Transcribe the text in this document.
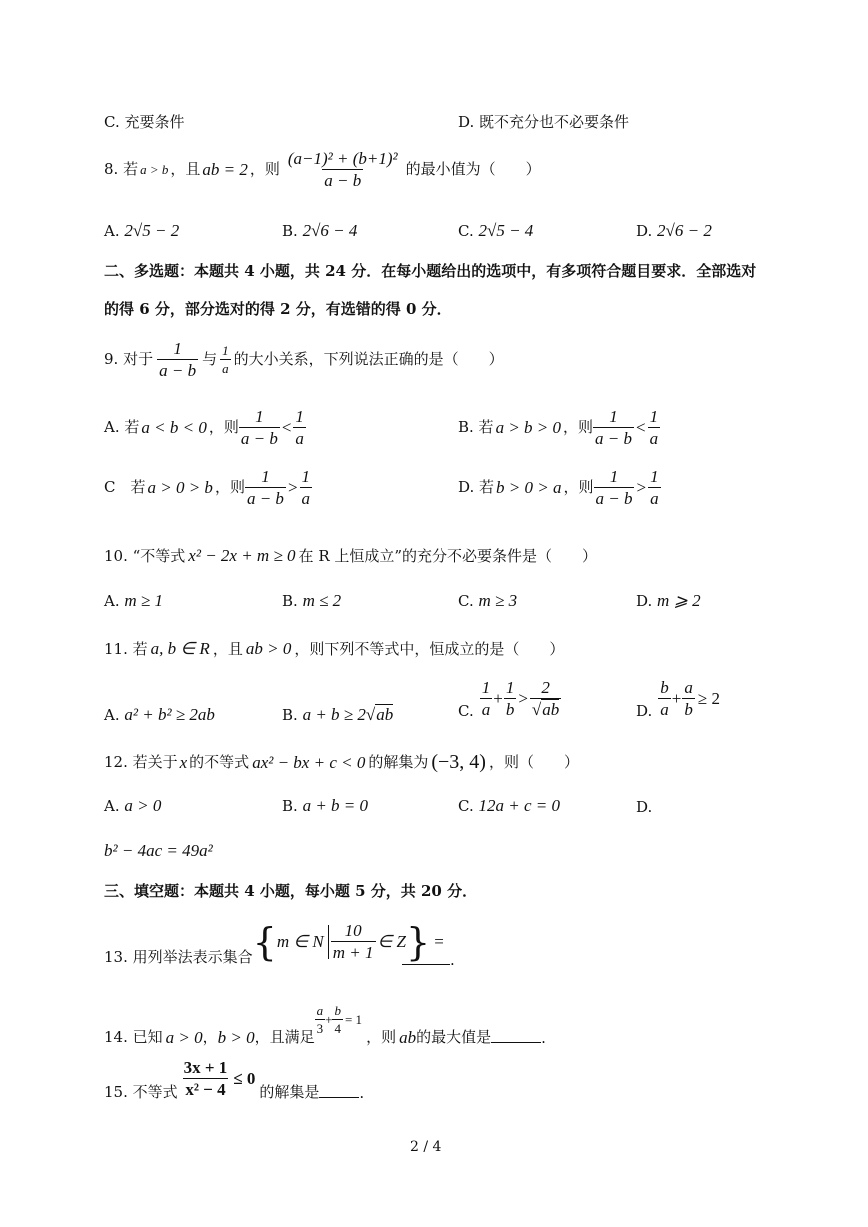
C. 充要条件	D. 既不充分也不必要条件
8. 若 a > b ，且 ab = 2 ，则 $\frac{\text{(a−1)² + (b+1)²}}{a - b}$ 的最小值为（　　）
A. 2√5 − 2	B. 2√6 − 4	C. 2√5 − 4	D. 2√6 − 2
二、多选题：本题共 4 小题，共 24 分．在每小题给出的选项中，有多项符合题目要求．全部选对
的得 6 分，部分选对的得 2 分，有选错的得 0 分．
9. 对于 $\frac{1}{a - b}$ 与 $\frac{1}{a}$ 的大小关系，下列说法正确的是（　　）
A. 若 a < b < 0 ，则 $\frac{1}{a - b} < \frac{1}{a}$	B. 若 a > b > 0 ，则 $\frac{1}{a - b} < \frac{1}{a}$
C　若 a > 0 > b ，则 $\frac{1}{a - b} > \frac{1}{a}$	D. 若 b > 0 > a ，则 $\frac{1}{a - b} > \frac{1}{a}$
10. “不等式 x² − 2x + m ≥ 0 在 R 上恒成立”的充分不必要条件是（　　）
A. m ≥ 1	B. m ≤ 2	C. m ≥ 3	D. m ⩾ 2
11. 若 a, b ∈ R ，且 ab > 0 ，则下列不等式中，恒成立的是（　　）
A. a² + b² ≥ 2ab	B. a + b ≥ 2√ab	C. $\frac{1}{a} + \frac{1}{b} > \frac{2}{√ab}$	D. $\frac{b}{a} + \frac{a}{b} \ge 2$
12. 若关于 x 的不等式 ax² − bx + c < 0 的解集为 (−3, 4) ，则（　　）
A. a > 0	B. a + b = 0	C. 12a + c = 0	D.
b² − 4ac = 49a²
三、填空题：本题共 4 小题，每小题 5 分，共 20 分．
13. 用列举法表示集合 { m ∈ N $\frac{10}{m + 1}$ ∈ Z } =
.
14. 已知 a > 0 ， b > 0 ，且满足
$\frac{a}{3} + \frac{b}{4} = 1$
，则 ab 的最大值是	.
15. 不等式 $\frac{3x + 1}{\text{x² − 4}} \le 0$
的解集是	.
2 / 4
